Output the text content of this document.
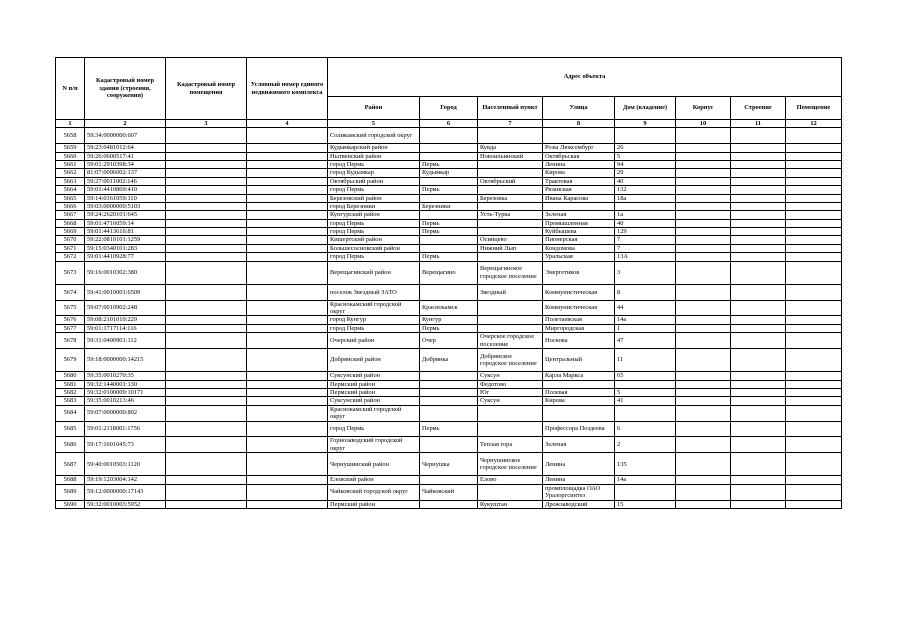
N п/п	Кадастровый номер здания (строения, сооружения)	Кадастровый номер помещения	Условный номер единого недвижимого комплекса	Адрес объекта							
				Район	Город	Населенный пункт	Улица	Дом (владение)	Корпус	Строение	Помещение
1	2	3	4	5	6	7	8	9	10	11	12
5658	59:34:0000000:607			Соликамский городской округ							
5659	59:23:0481012:64			Кудымкарский район		Кувда	Розы Люксембург	26			
5660	59:26:0600517:41			Нытвенский район		Новоильинский	Октябрьская	5			
5661	59:01:2910398:34			город Пермь	Пермь		Ленина	94			
5662	81:07:0096002:137			город Кудымкар	Кудымкар		Кирова	29			
5663	59:27:0011002:146			Октябрьский район		Октябрьский	Трактовая	40			
5664	59:01:4410869:410			город Пермь	Пермь		Рязанская	132			
5665	59:14:0161059:110			Березовский район		Березовка	Ивана Карасова	18а			
5666	59:03:0000000:5103			город Березники	Березники						
5667	59:24:2620101:645			Кунгурский район		Усть-Турка	Зеленая	1а			
5668	59:01:4716059:14			город Пермь	Пермь		Промышленная	40			
5669	59:01:4413616:81			город Пермь	Пермь		Куйбышева	129			
5670	59:22:0810101:1259			Кишертский район		Осинцево	Пионерская	7			
5671	59:15:0340101:283			Большесосновский район		Нижний Лып	Кондомова	7			
5672	59:01:4410928:77			город Пермь	Пермь		Уральская	13А			
5673	59:16:0010302:380			Верещагинский район	Верещагино	Верещагинское городское поселение	Энергетиков	3			
5674	59:41:0010001:6509			поселок Звездный ЗАТО		Звездный	Коммунистическая	8			
5675	59:07:0010902:248			Краснокамский городской округ	Краснокамск		Коммунистическая	44			
5676	59:08:2101010:229			город Кунгур	Кунгур		Полетаевская	14а			
5677	59:01:1717114:116			город Пермь	Пермь		Миргородская	1			
5678	59:31:0490901:112			Очерский район	Очер	Очерское городское поселение	Носкова	47			
5679	59:18:0000000:14215			Добрянский район	Добрянка	Добрянское городское поселение	Центральный	11			
5680	59:35:0010270:35			Суксунский район		Суксун	Карла Маркса	65			
5681	59:32:1440001:130			Пермский район		Федотово					
5682	59:32:0100009:10171			Пермский район		Юг	Полевая	5			
5683	59:35:0010213:46			Суксунский район		Суксун	Кирова	41			
5684	59:07:0000000:802			Краснокамский городской округ							
5685	59:01:2118001:1756			город Пермь	Пермь		Профессора Поздеева	6			
5686	59:17:1601045:73			Горнозаводский городской округ		Теплая гора	Зеленая	2			
5687	59:40:0010503:1120			Чернушинский район	Чернушка	Чернушинское городское поселение	Ленина	135			
5688	59:19:1203004:142			Еловский район		Елово	Ленина	14а			
5689	59:12:0000000:17143			Чайковский городской округ	Чайковский		промплощадка ОАО Уралоргсинтез				
5690	59:32:0010003:5952			Пермский район		Кукуштан	Дрожзаводский	15			
